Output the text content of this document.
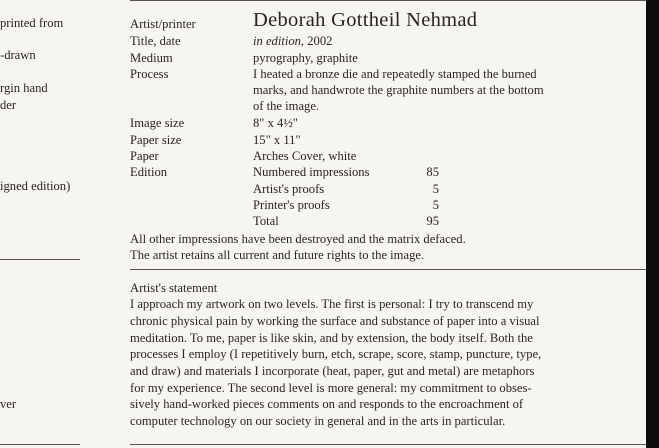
printed from
-drawn
rgin hand
der
igned edition)
ver
Artist/printer	Deborah Gottheil Nehmad
Title, date	in edition, 2002
Medium	pyrography, graphite
Process	I heated a bronze die and repeatedly stamped the burned
marks, and handwrote the graphite numbers at the bottom
of the image.
Image size	8" x 4½"
Paper size	15" x 11"
Paper	Arches Cover, white
Edition	Numbered impressions	85
Artist's proofs	5
Printer's proofs	5
Total	95
All other impressions have been destroyed and the matrix defaced.
The artist retains all current and future rights to the image.
Artist's statement
I approach my artwork on two levels. The first is personal: I try to transcend my
chronic physical pain by working the surface and substance of paper into a visual
meditation. To me, paper is like skin, and by extension, the body itself. Both the
processes I employ (I repetitively burn, etch, scrape, score, stamp, puncture, type,
and draw) and materials I incorporate (heat, paper, gut and metal) are metaphors
for my experience. The second level is more general: my commitment to obses-
sively hand-worked pieces comments on and responds to the encroachment of
computer technology on our society in general and in the arts in particular.
